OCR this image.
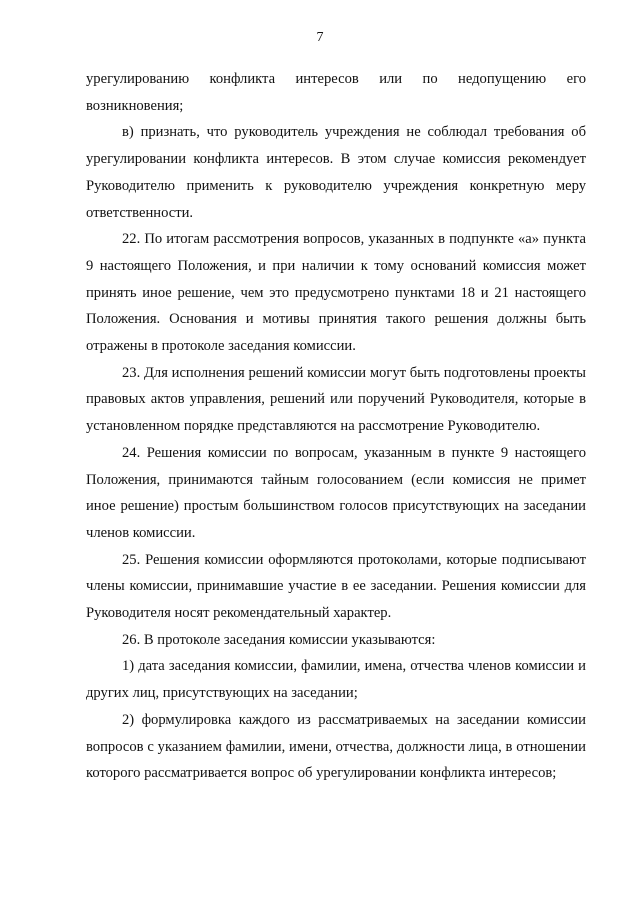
7

урегулированию конфликта интересов или по недопущению его возникновения;

в) признать, что руководитель учреждения не соблюдал требования об урегулировании конфликта интересов. В этом случае комиссия рекомендует Руководителю применить к руководителю учреждения конкретную меру ответственности.

22. По итогам рассмотрения вопросов, указанных в подпункте «а» пункта 9 настоящего Положения, и при наличии к тому оснований комиссия может принять иное решение, чем это предусмотрено пунктами 18 и 21 настоящего Положения. Основания и мотивы принятия такого решения должны быть отражены в протоколе заседания комиссии.

23. Для исполнения решений комиссии могут быть подготовлены проекты правовых актов управления, решений или поручений Руководителя, которые в установленном порядке представляются на рассмотрение Руководителю.

24. Решения комиссии по вопросам, указанным в пункте 9 настоящего Положения, принимаются тайным голосованием (если комиссия не примет иное решение) простым большинством голосов присутствующих на заседании членов комиссии.

25. Решения комиссии оформляются протоколами, которые подписывают члены комиссии, принимавшие участие в ее заседании. Решения комиссии для Руководителя носят рекомендательный характер.

26. В протоколе заседания комиссии указываются:

1) дата заседания комиссии, фамилии, имена, отчества членов комиссии и других лиц, присутствующих на заседании;

2) формулировка каждого из рассматриваемых на заседании комиссии вопросов с указанием фамилии, имени, отчества, должности лица, в отношении которого рассматривается вопрос об урегулировании конфликта интересов;
